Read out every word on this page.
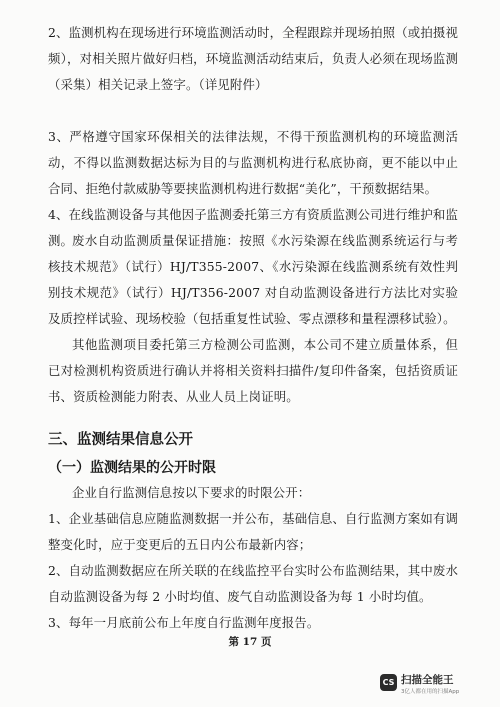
2、监测机构在现场进行环境监测活动时，全程跟踪并现场拍照（或拍摄视频），对相关照片做好归档，环境监测活动结束后，负责人必须在现场监测（采集）相关记录上签字。（详见附件）

3、严格遵守国家环保相关的法律法规，不得干预监测机构的环境监测活动，不得以监测数据达标为目的与监测机构进行私底协商，更不能以中止合同、拒绝付款威胁等要挟监测机构进行数据“美化”，干预数据结果。

4、在线监测设备与其他因子监测委托第三方有资质监测公司进行维护和监测。

废水自动监测质量保证措施：按照《水污染源在线监测系统运行与考核技术规范》（试行）HJ/T355-2007、《水污染源在线监测系统有效性判别技术规范》（试行）HJ/T356-2007 对自动监测设备进行方法比对实验及质控样试验、现场校验（包括重复性试验、零点漂移和量程漂移试验）。

其他监测项目委托第三方检测公司监测，本公司不建立质量体系，但已对检测机构资质进行确认并将相关资料扫描件/复印件备案，包括资质证书、资质检测能力附表、从业人员上岗证明。

三、监测结果信息公开
（一）监测结果的公开时限

企业自行监测信息按以下要求的时限公开：

1、企业基础信息应随监测数据一并公布，基础信息、自行监测方案如有调整变化时，应于变更后的五日内公布最新内容；

2、自动监测数据应在所关联的在线监控平台实时公布监测结果，其中废水自动监测设备为每 2 小时均值、废气自动监测设备为每 1 小时均值。

3、每年一月底前公布上年度自行监测年度报告。

第 17 页
CS 扫描全能王
3亿人都在用的扫描App
